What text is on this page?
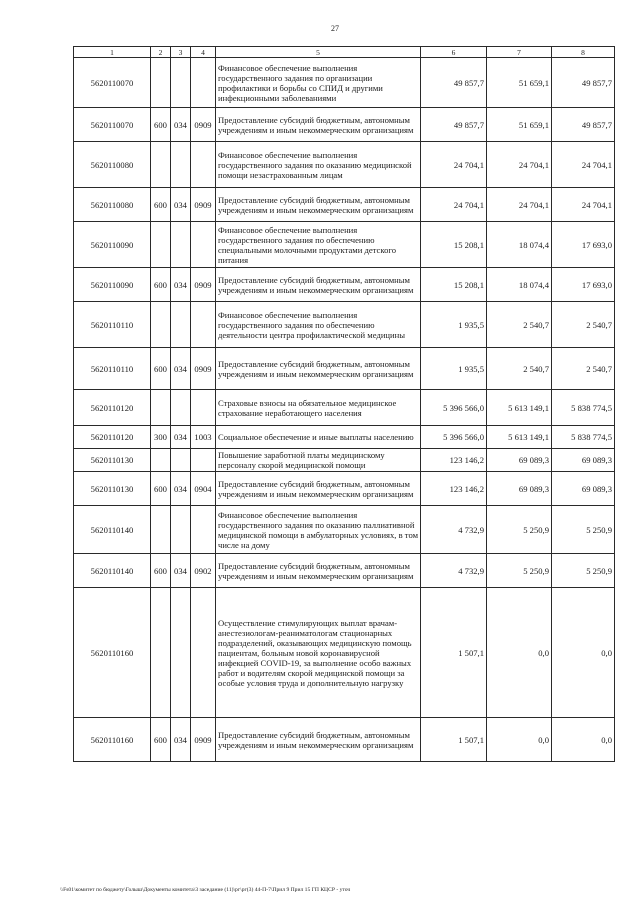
27
1	2	3	4	5	6	7	8
5620110070				Финансовое обеспечение выполнения государственного задания по организации профилактики и борьбы со СПИД и другими инфекционными заболеваниями	49 857,7	51 659,1	49 857,7
5620110070	600	034	0909	Предоставление субсидий бюджетным, автономным учреждениям и иным некоммерческим организациям	49 857,7	51 659,1	49 857,7
5620110080				Финансовое обеспечение выполнения государственного задания по оказанию медицинской помощи незастрахованным лицам	24 704,1	24 704,1	24 704,1
5620110080	600	034	0909	Предоставление субсидий бюджетным, автономным учреждениям и иным некоммерческим организациям	24 704,1	24 704,1	24 704,1
5620110090				Финансовое обеспечение выполнения государственного задания по обеспечению специальными молочными продуктами детского питания	15 208,1	18 074,4	17 693,0
5620110090	600	034	0909	Предоставление субсидий бюджетным, автономным учреждениям и иным некоммерческим организациям	15 208,1	18 074,4	17 693,0
5620110110				Финансовое обеспечение выполнения государственного задания по обеспечению деятельности центра профилактической медицины	1 935,5	2 540,7	2 540,7
5620110110	600	034	0909	Предоставление субсидий бюджетным, автономным учреждениям и иным некоммерческим организациям	1 935,5	2 540,7	2 540,7
5620110120				Страховые взносы на обязательное медицинское страхование неработающего населения	5 396 566,0	5 613 149,1	5 838 774,5
5620110120	300	034	1003	Социальное обеспечение и иные выплаты населению	5 396 566,0	5 613 149,1	5 838 774,5
5620110130				Повышение заработной платы медицинскому персоналу скорой медицинской помощи	123 146,2	69 089,3	69 089,3
5620110130	600	034	0904	Предоставление субсидий бюджетным, автономным учреждениям и иным некоммерческим организациям	123 146,2	69 089,3	69 089,3
5620110140				Финансовое обеспечение выполнения государственного задания по оказанию паллиативной медицинской помощи в амбулаторных условиях, в том числе на дому	4 732,9	5 250,9	5 250,9
5620110140	600	034	0902	Предоставление субсидий бюджетным, автономным учреждениям и иным некоммерческим организациям	4 732,9	5 250,9	5 250,9
5620110160				Осуществление стимулирующих выплат врачам-анестезиологам-реаниматологам стационарных подразделений, оказывающих медицинскую помощь пациентам, больным новой коронавирусной инфекцией COVID-19, за выполнение особо важных работ и водителям скорой медицинской помощи за особые условия труда и дополнительную нагрузку	1 507,1	0,0	0,0
5620110160	600	034	0909	Предоставление субсидий бюджетным, автономным учреждениям и иным некоммерческим организациям	1 507,1	0,0	0,0
\\Fs01\комитет по бюджету\Голыш\Документы комитета\3 заседание (11)\рг\рг(3) 44-П-7\Прил 9 Прил 15 ГП КЦСР - уточ
